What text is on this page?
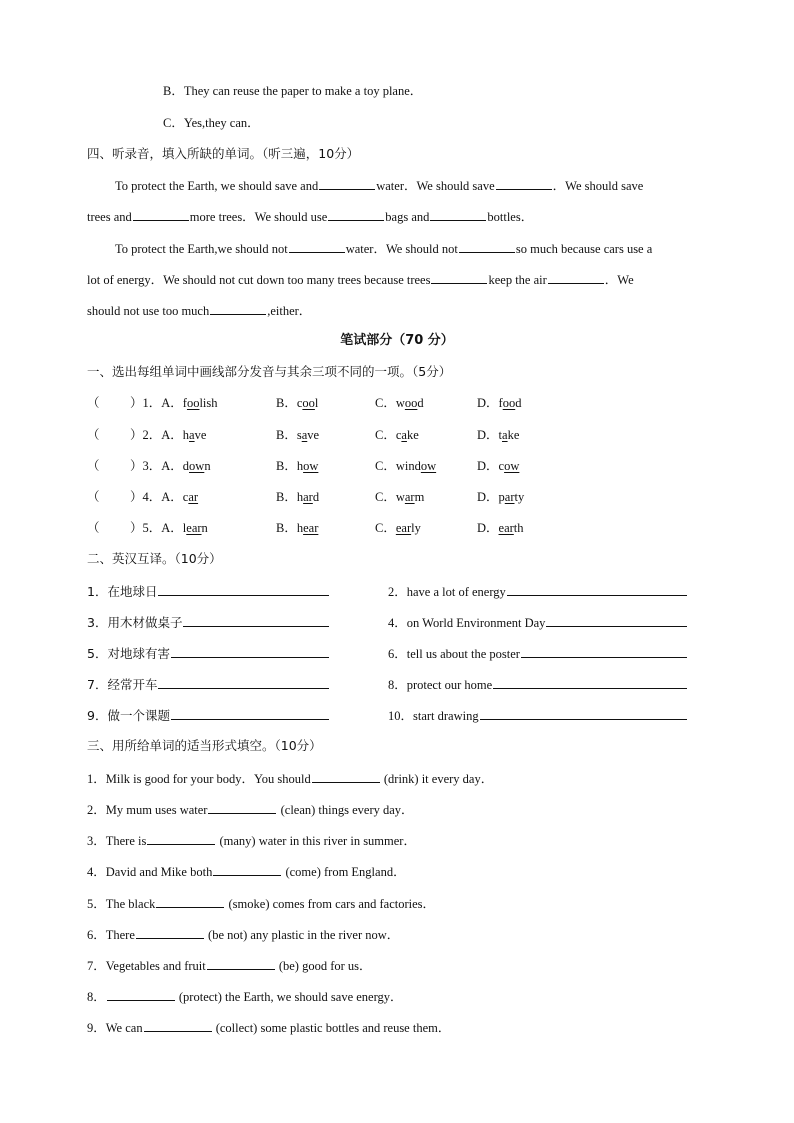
B．They can reuse the paper to make a toy plane．
C．Yes,they can．
四、听录音，填入所缺的单词。（听三遍，10分）
To protect the Earth, we should save and	water．We should save	．We should save
trees and	more trees．We should use	bags and	bottles．
To protect the Earth,we should not	water．We should not	so much because cars use a
lot of energy．We should not cut down too many trees because trees	keep the air	．We
should not use too much	,either．
笔试部分（70 分）
一、选出每组单词中画线部分发音与其余三项不同的一项。（5分）
（ ）1．A．foolish	B．cool	C．wood	D．food
（ ）2．A．have	B．save	C．cake	D．take
（ ）3．A．down	B．how	C．window	D．cow
（ ）4．A．car	B．hard	C．warm	D．party
（ ）5．A．learn	B．hear	C．early	D．earth
二、英汉互译。（10分）
1．在地球日	2．have a lot of energy
3．用木材做桌子	4．on World Environment Day
5．对地球有害	6．tell us about the poster
7．经常开车	8．protect our home
9．做一个课题	10．start drawing
三、用所给单词的适当形式填空。（10分）
1．Milk is good for your body．You should	(drink) it every day．
2．My mum uses water	(clean) things every day．
3．There is	(many) water in this river in summer．
4．David and Mike both	(come) from England．
5．The black	(smoke) comes from cars and factories．
6．There	(be not) any plastic in the river now．
7．Vegetables and fruit	(be) good for us．
8．	(protect) the Earth, we should save energy．
9．We can	(collect) some plastic bottles and reuse them．
